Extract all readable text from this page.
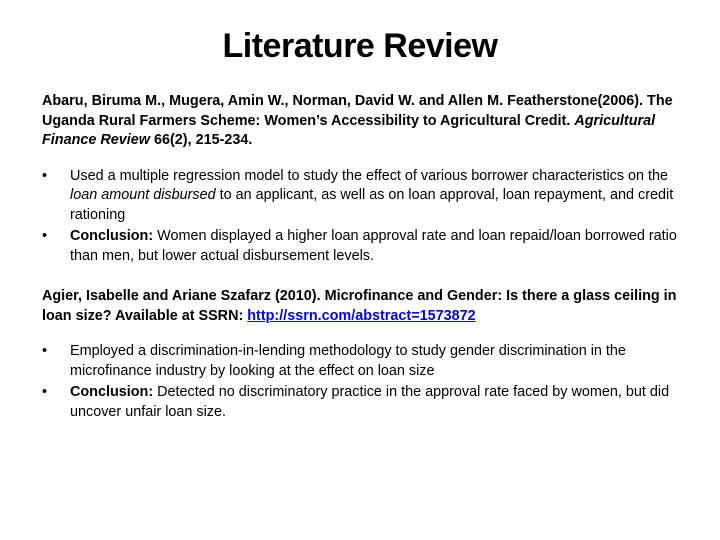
Literature Review

Abaru, Biruma M., Mugera, Amin W., Norman, David W. and Allen M. Featherstone(2006). The Uganda Rural Farmers Scheme: Women’s Accessibility to Agricultural Credit. Agricultural Finance Review 66(2), 215-234.

• Used a multiple regression model to study the effect of various borrower characteristics on the loan amount disbursed to an applicant, as well as on loan approval, loan repayment, and credit rationing
• Conclusion: Women displayed a higher loan approval rate and loan repaid/loan borrowed ratio than men, but lower actual disbursement levels.

Agier, Isabelle and Ariane Szafarz (2010). Microfinance and Gender: Is there a glass ceiling in loan size? Available at SSRN: http://ssrn.com/abstract=1573872

• Employed a discrimination-in-lending methodology to study gender discrimination in the microfinance industry by looking at the effect on loan size
• Conclusion: Detected no discriminatory practice in the approval rate faced by women, but did uncover unfair loan size.
